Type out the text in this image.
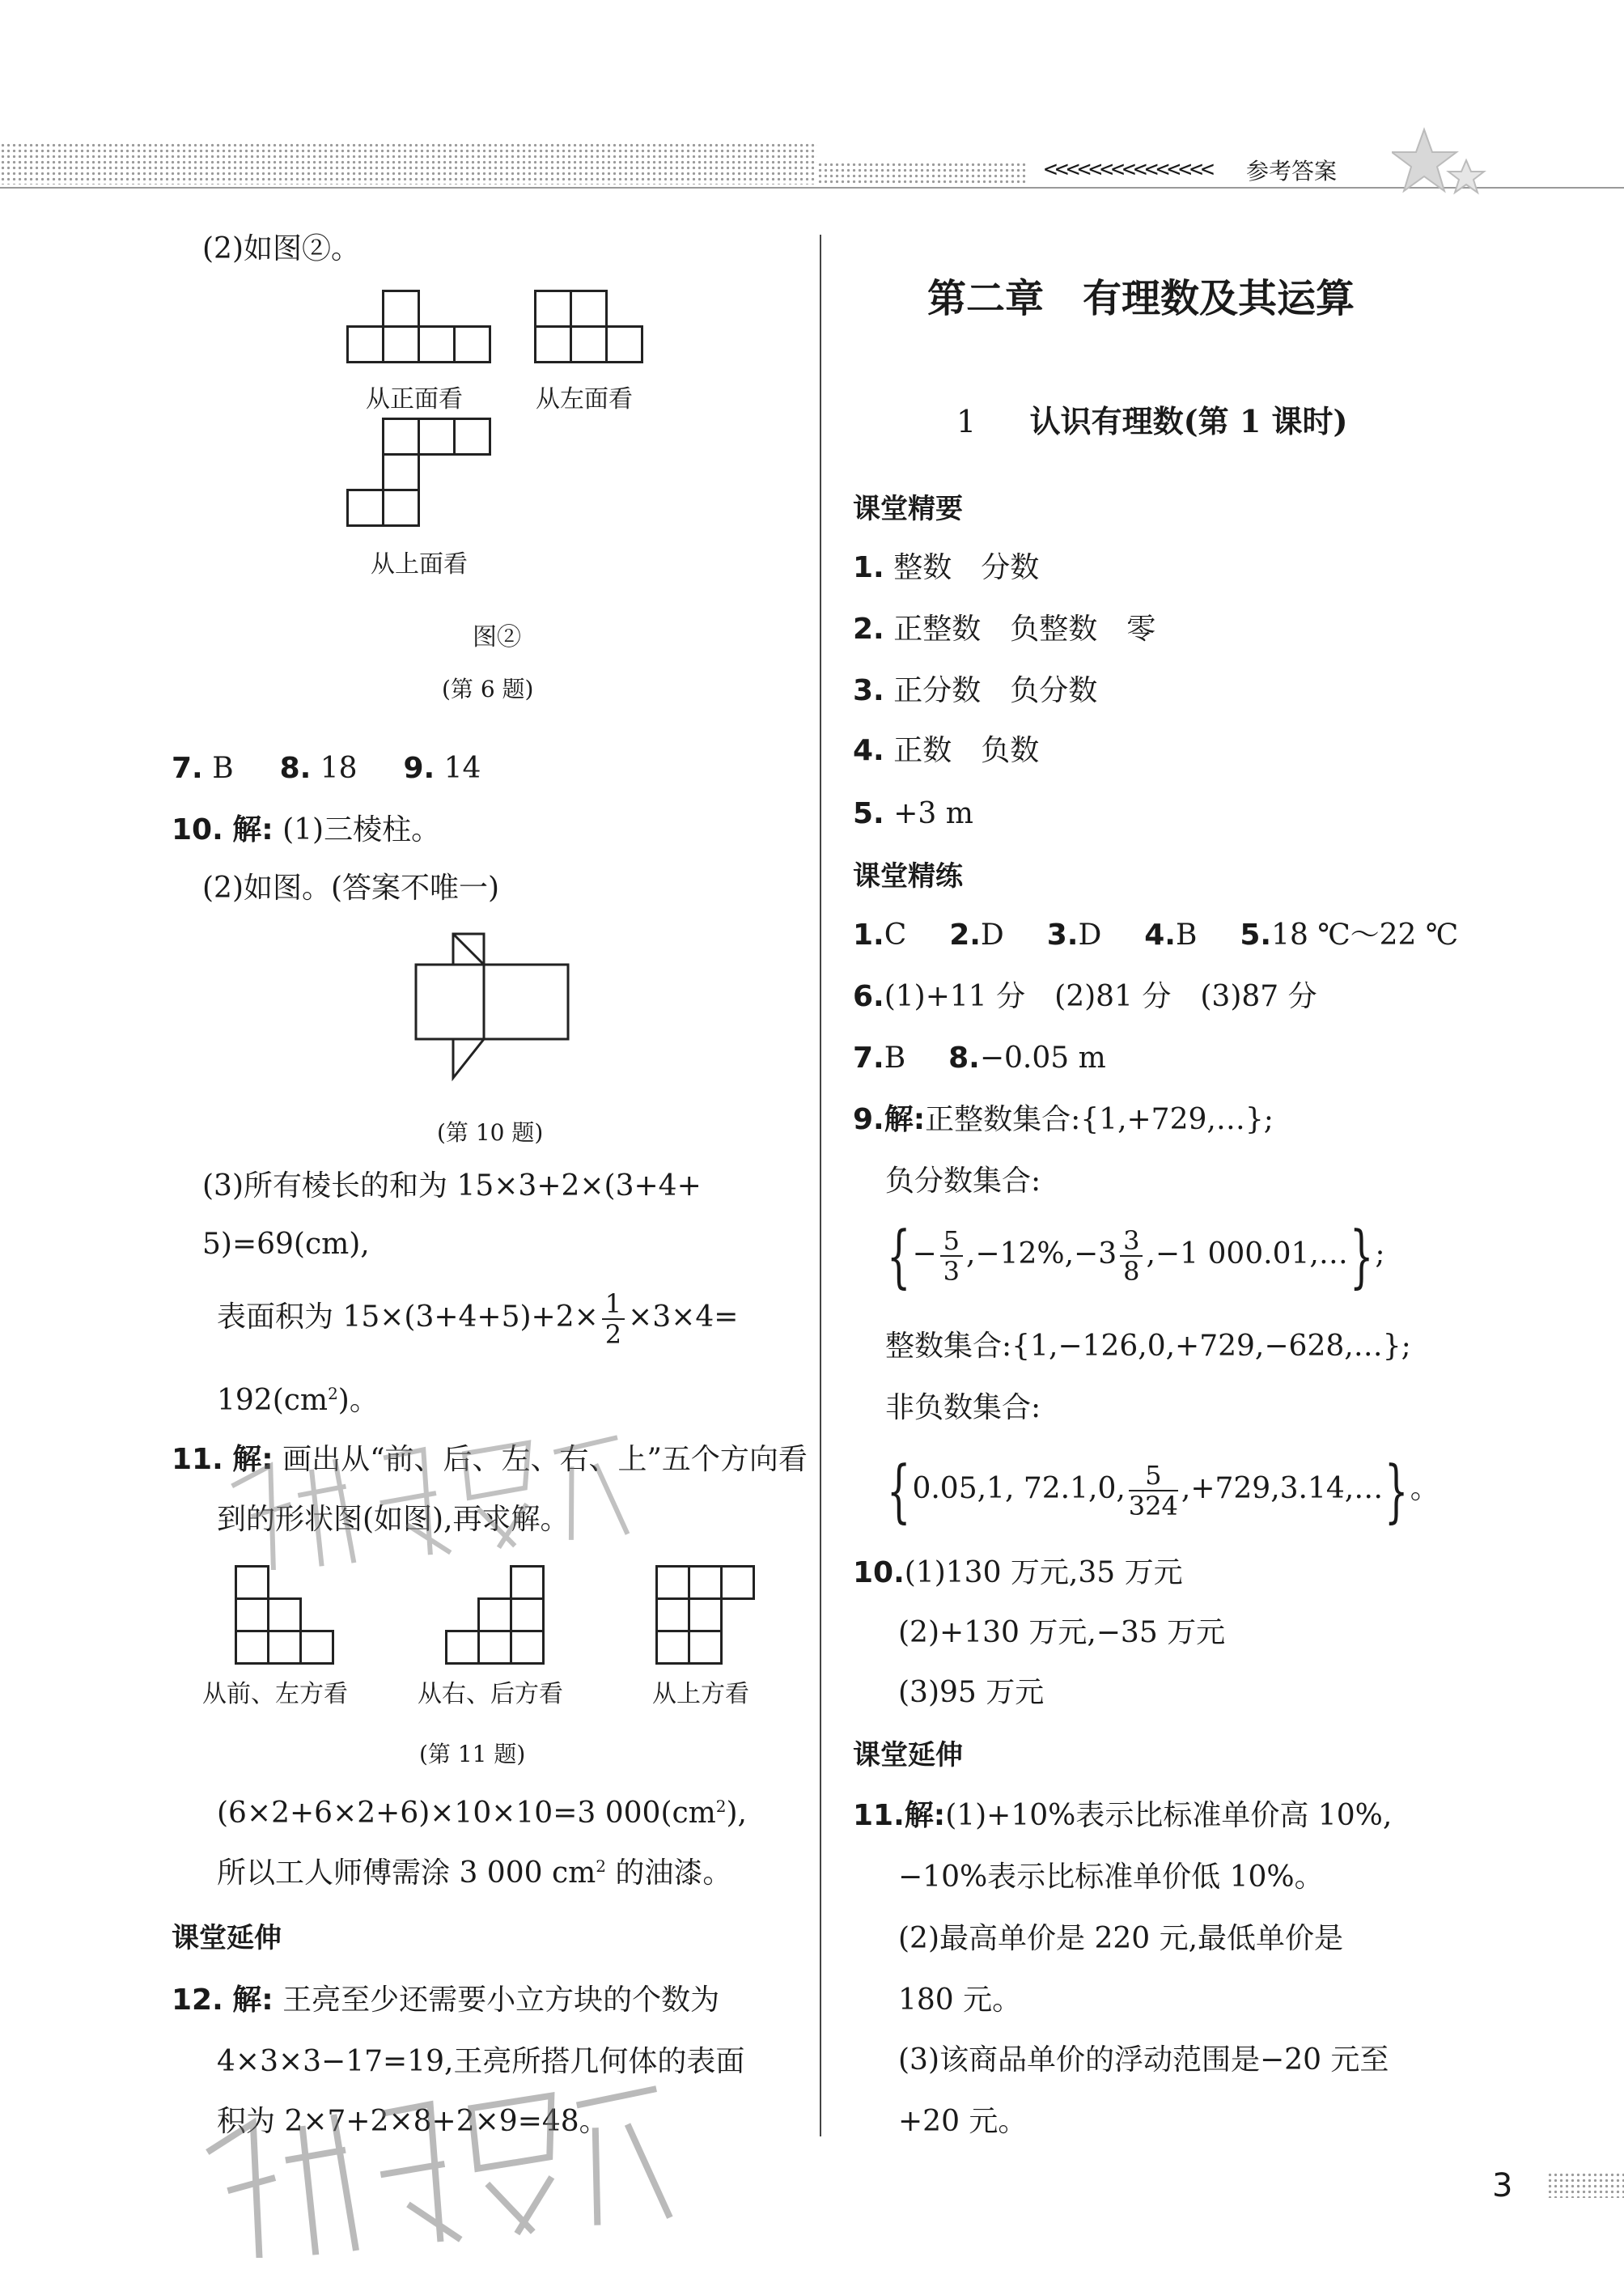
<<<<<<<<<<<<<<< 参考答案
(2)如图②。
从正面看	从左面看
从上面看
图②
(第 6 题)
7. B 8. 18 9. 14
10. 解: (1)三棱柱。
(2)如图。(答案不唯一)
(第 10 题)
(3)所有棱长的和为 15×3+2×(3+4+
5)=69(cm),
表面积为 $15\times(3+4+5)+2\times \frac{1}{2} \times 3\times 4=$
$192(cm^2)$。
11. 解: 画出从“前、后、左、右、上”五个方向看
到的形状图(如图),再求解。
从前、左方看	从右、后方看	从上方看
(第 11 题)
(6×2+6×2+6)×10×10=3 $000(cm^2)$,
所以工人师傅需涂 3 000 $cm^2$ 的油漆。
课堂延伸
12. 解: 王亮至少还需要小立方块的个数为
4×3×3−17=19,王亮所搭几何体的表面
积为 2×7+2×8+2×9=48。
第二章　有理数及其运算
1 认识有理数(第 1 课时)
课堂精要
1. 整数　分数
2. 正整数　负整数　零
3. 正分数　负分数
4. 正数　负数
5. +3 m
课堂精练
1.C 2.D 3.D 4.B 5.18 ℃～22 ℃
6.(1)+11 分　(2)81 分　(3)87 分
7.B 8.−0.05 m
9.解:正整数集合:{1,+729,…};
负分数集合:
{− $\frac{5}{3} ,-12\%,-3 \frac{3}{8} ,-1$ 000.01,…};
整数集合:{1,−126,0,+729,−628,…};
非负数集合:
{0.05,1, 72.1,0, $\frac{5}{324}$ ,+729,3.14,…}。
10.(1)130 万元,35 万元
(2)+130 万元,−35 万元
(3)95 万元
课堂延伸
11.解:(1)+10%表示比标准单价高 10%,
−10%表示比标准单价低 10%。
(2)最高单价是 220 元,最低单价是
180 元。
(3)该商品单价的浮动范围是−20 元至
+20 元。
3
